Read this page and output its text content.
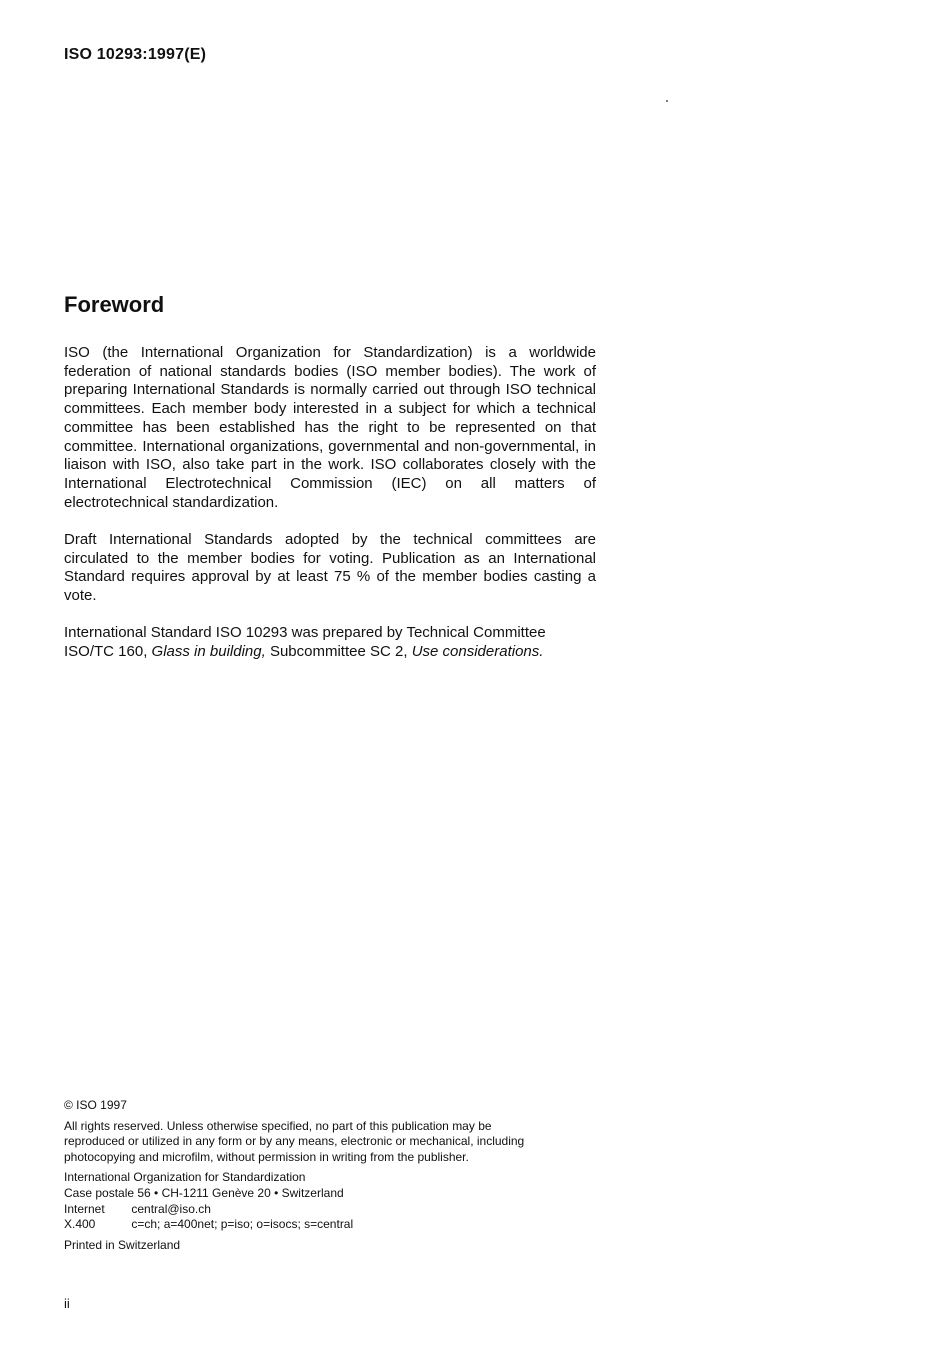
ISO 10293:1997(E)
Foreword

ISO (the International Organization for Standardization) is a worldwide federation of national standards bodies (ISO member bodies). The work of preparing International Standards is normally carried out through ISO technical committees. Each member body interested in a subject for which a technical committee has been established has the right to be represented on that committee. International organizations, governmental and non-governmental, in liaison with ISO, also take part in the work. ISO collaborates closely with the International Electrotechnical Commission (IEC) on all matters of electrotechnical standardization.

Draft International Standards adopted by the technical committees are circulated to the member bodies for voting. Publication as an International Standard requires approval by at least 75 % of the member bodies casting a vote.

International Standard ISO 10293 was prepared by Technical Committee ISO/TC 160, Glass in building, Subcommittee SC 2, Use considerations.

© ISO 1997
All rights reserved. Unless otherwise specified, no part of this publication may be
reproduced or utilized in any form or by any means, electronic or mechanical, including
photocopying and microfilm, without permission in writing from the publisher.
International Organization for Standardization
Case postale 56 • CH-1211 Genève 20 • Switzerland
Internet central@iso.ch
X.400	c=ch; a=400net; p=iso; o=isocs; s=central
Printed in Switzerland
ii
